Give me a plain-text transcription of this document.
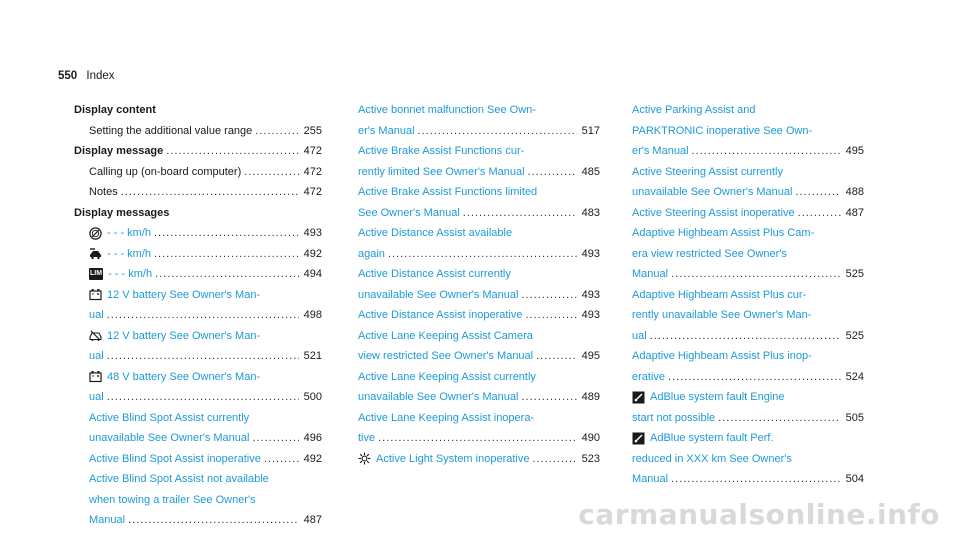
550 Index
Display content
Setting the additional value range .....	255
Display message .....	472
Calling up (on-board computer) .....	472
Notes .....	472
Display messages
- - - km/h .....	493
- - - km/h .....	492
LIM - - - km/h .....	494
12 V battery See Owner's Man-
ual .....	498
12 V battery See Owner's Man-
ual .....	521
48 V battery See Owner's Man-
ual .....	500
Active Blind Spot Assist currently
unavailable See Owner's Manual .....	496
Active Blind Spot Assist inoperative .....	492
Active Blind Spot Assist not available
when towing a trailer See Owner's
Manual .....	487
Active bonnet malfunction See Own-
er's Manual .....	517
Active Brake Assist Functions cur-
rently limited See Owner's Manual .....	485
Active Brake Assist Functions limited
See Owner's Manual .....	483
Active Distance Assist available
again .....	493
Active Distance Assist currently
unavailable See Owner's Manual .....	493
Active Distance Assist inoperative .....	493
Active Lane Keeping Assist Camera
view restricted See Owner's Manual .....	495
Active Lane Keeping Assist currently
unavailable See Owner's Manual .....	489
Active Lane Keeping Assist inopera-
tive .....	490
Active Light System inoperative .....	523
Active Parking Assist and
PARKTRONIC inoperative See Own-
er's Manual .....	495
Active Steering Assist currently
unavailable See Owner's Manual .....	488
Active Steering Assist inoperative .....	487
Adaptive Highbeam Assist Plus Cam-
era view restricted See Owner's
Manual .....	525
Adaptive Highbeam Assist Plus cur-
rently unavailable See Owner's Man-
ual .....	525
Adaptive Highbeam Assist Plus inop-
erative .....	524
AdBlue system fault Engine
start not possible .....	505
AdBlue system fault Perf.
reduced in XXX km See Owner's
Manual .....	504
carmanualsonline.info
